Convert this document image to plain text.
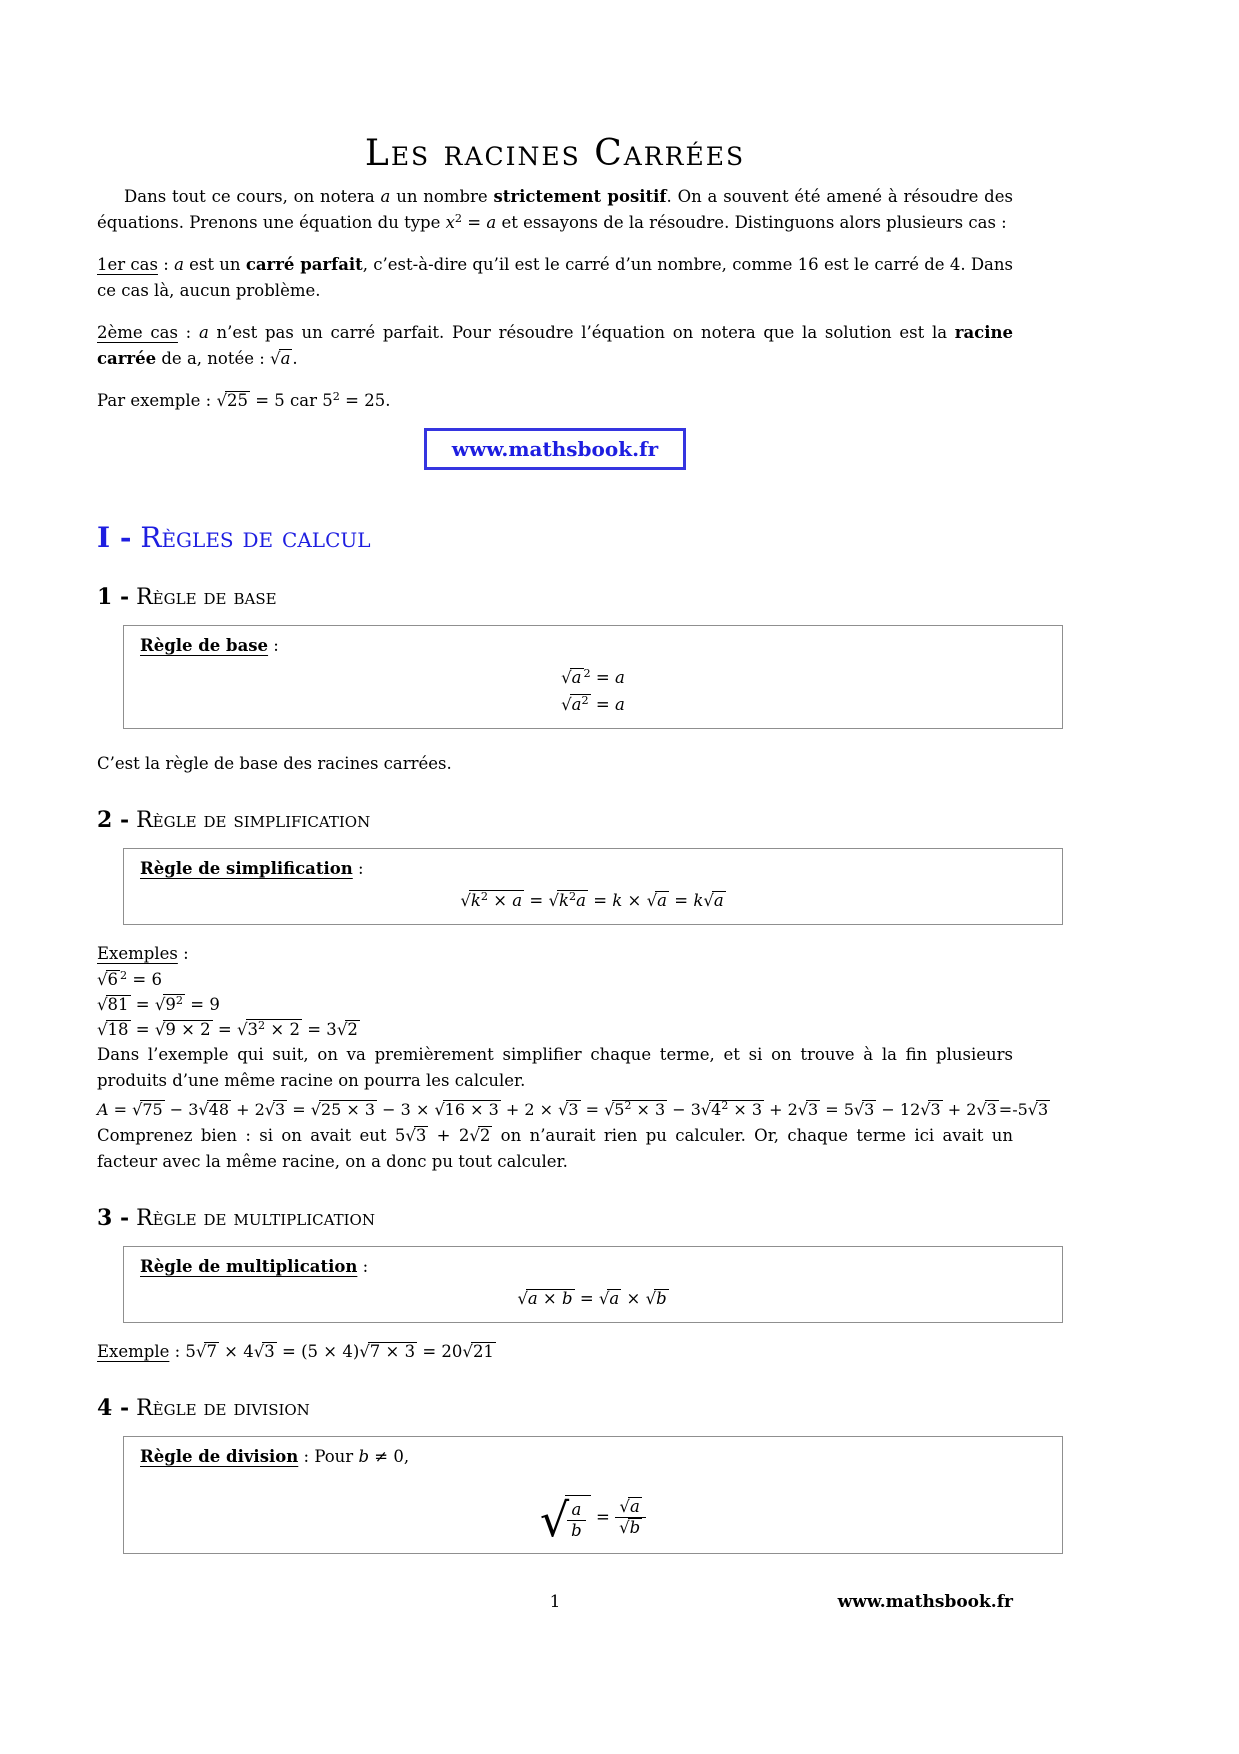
Les racines Carrées

Dans tout ce cours, on notera a un nombre strictement positif. On a souvent été amené à résoudre des équations. Prenons une équation du type $x^2 = a$ et essayons de la résoudre. Distinguons alors plusieurs cas :

1er cas : a est un carré parfait, c’est-à-dire qu’il est le carré d’un nombre, comme 16 est le carré de 4. Dans ce cas là, aucun problème.

2ème cas : a n’est pas un carré parfait. Pour résoudre l’équation on notera que la solution est la racine carrée de a, notée : √a .

Par exemple : √25 = 5 car $5^2 = 25$.

www.mathsbook.fr
I - Règles de calcul
1 - Règle de base
Règle de base :
√a $^2$ = a
$√a^2 = a$

C’est la règle de base des racines carrées.

2 - Règle de simplification
Règle de simplification :
$√k^2 \times a = √k^2a = k \times √a = k√a$
Exemples :
√6 $^2$ = 6
$√81 = √9^2 = 9$
$√18 = √9 \times 2 = √3^2 \times 2 = 3√2$

Dans l’exemple qui suit, on va premièrement simplifier chaque terme, et si on trouve à la fin plusieurs produits d’une même racine on pourra les calculer.

$A = √75 - 3√48 + 2√3 = √25 \times 3 - 3 \times √16 \times 3 + 2 \times √3 = √5^2 \times 3 - 3√4^2 \times 3 + 2√3 = 5√3 - 12√3 + 2√3 =-5√3$

Comprenez bien : si on avait eut 5√3 + 2√2 on n’aurait rien pu calculer. Or, chaque terme ici avait un facteur avec la même racine, on a donc pu tout calculer.

3 - Règle de multiplication
Règle de multiplication :
√a × b = √a × √b

Exemple : 5√7 × 4√3 = (5 × 4)√7 × 3 = 20√21

4 - Règle de division
Règle de division : Pour b ≠ 0,
√
$\frac{a}{b} = \frac{√a}{√b}$
1	www.mathsbook.fr
